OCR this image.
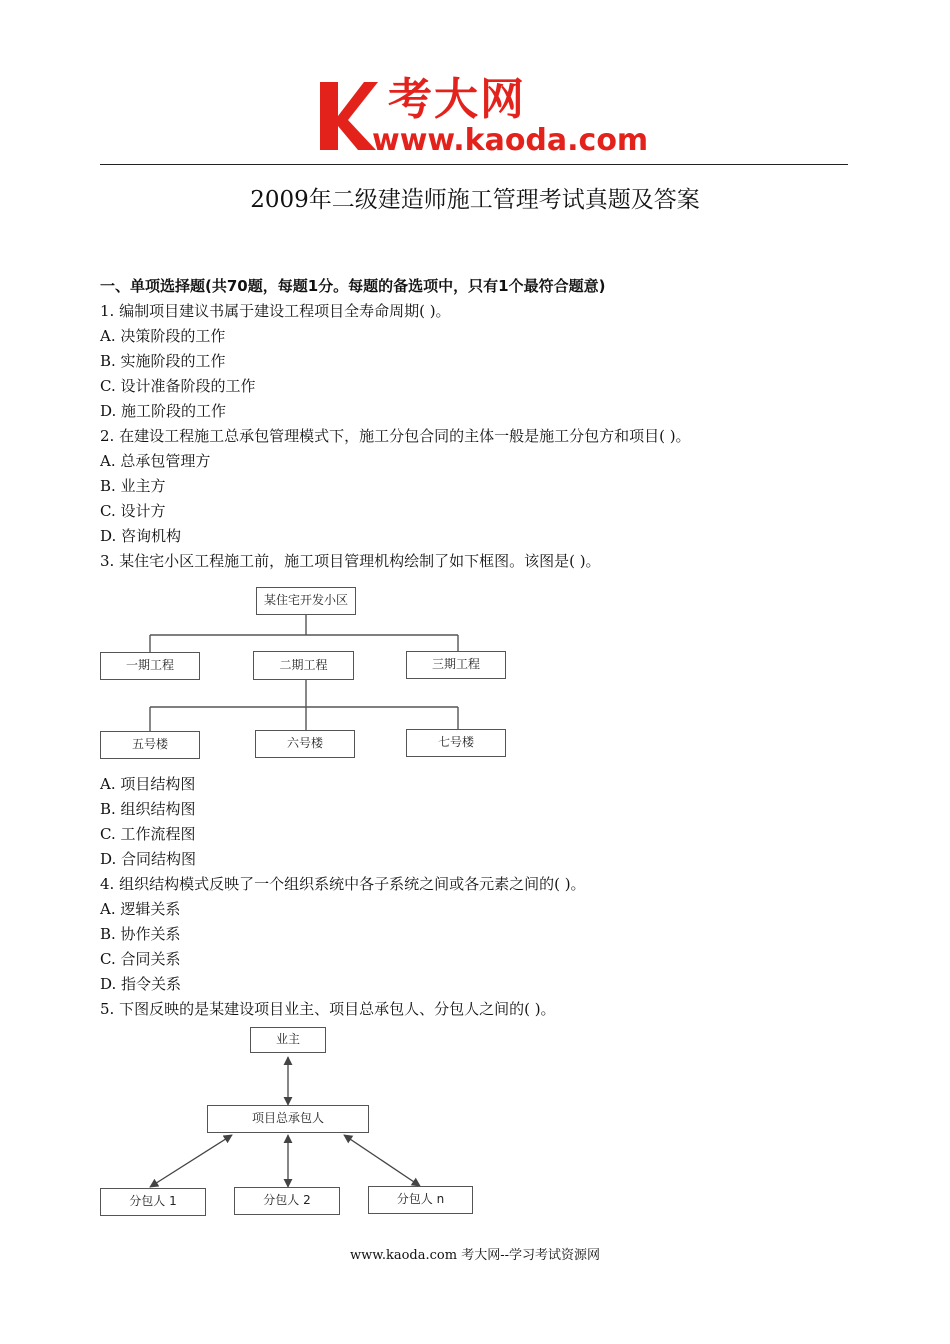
考大网
www.kaoda.com
2009年二级建造师施工管理考试真题及答案
一、单项选择题(共70题，每题1分。每题的备选项中，只有1个最符合题意)
1. 编制项目建议书属于建设工程项目全寿命周期( )。
A. 决策阶段的工作
B. 实施阶段的工作
C. 设计准备阶段的工作
D. 施工阶段的工作
2. 在建设工程施工总承包管理模式下，施工分包合同的主体一般是施工分包方和项目( )。
A. 总承包管理方
B. 业主方
C. 设计方
D. 咨询机构
3. 某住宅小区工程施工前，施工项目管理机构绘制了如下框图。该图是( )。
某住宅开发小区
一期工程	二期工程	三期工程
五号楼	六号楼	七号楼
A. 项目结构图
B. 组织结构图
C. 工作流程图
D. 合同结构图
4. 组织结构模式反映了一个组织系统中各子系统之间或各元素之间的( )。
A. 逻辑关系
B. 协作关系
C. 合同关系
D. 指令关系
5. 下图反映的是某建设项目业主、项目总承包人、分包人之间的( )。
业主
项目总承包人
分包人 1	分包人 2	分包人 n
www.kaoda.com 考大网--学习考试资源网
